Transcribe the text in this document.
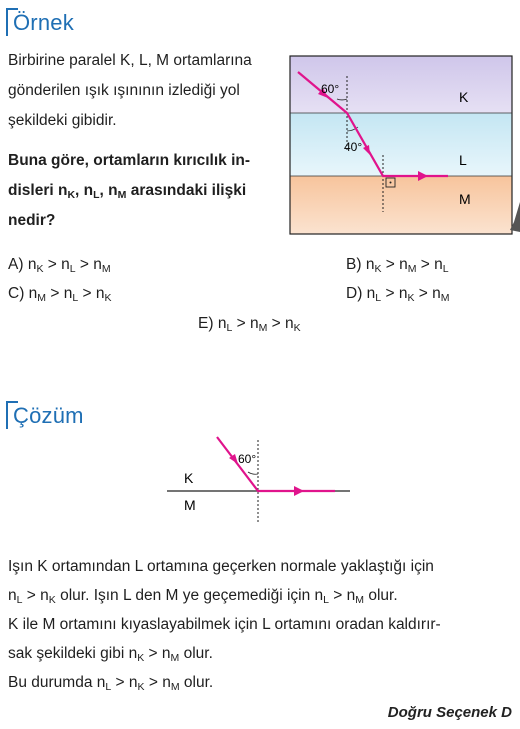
Örnek
Birbirine paralel K, L, M ortamlarına
gönderilen ışık ışınının izlediği yol
şekildeki gibidir.
Buna göre, ortamların kırıcılık in-
disleri $n_K$, $n_L$, $n_M$ arasındaki ilişki
nedir?
60°
40°
K
L
M
A) $n_K > n_L > n_M$	B) $n_K > n_M > n_L$
C) $n_M > n_L > n_K$	D) $n_L > n_K > n_M$
E) $n_L > n_M > n_K$
Çözüm
60°
K
M
Işın K ortamından L ortamına geçerken normale yaklaştığı için
$n_L > n_K$ olur. Işın L den M ye geçemediği için $n_L > n_M$ olur.
K ile M ortamını kıyaslayabilmek için L ortamını oradan kaldırır-
sak şekildeki gibi $n_K > n_M$ olur.
Bu durumda $n_L > n_K > n_M$ olur.
Doğru Seçenek D
